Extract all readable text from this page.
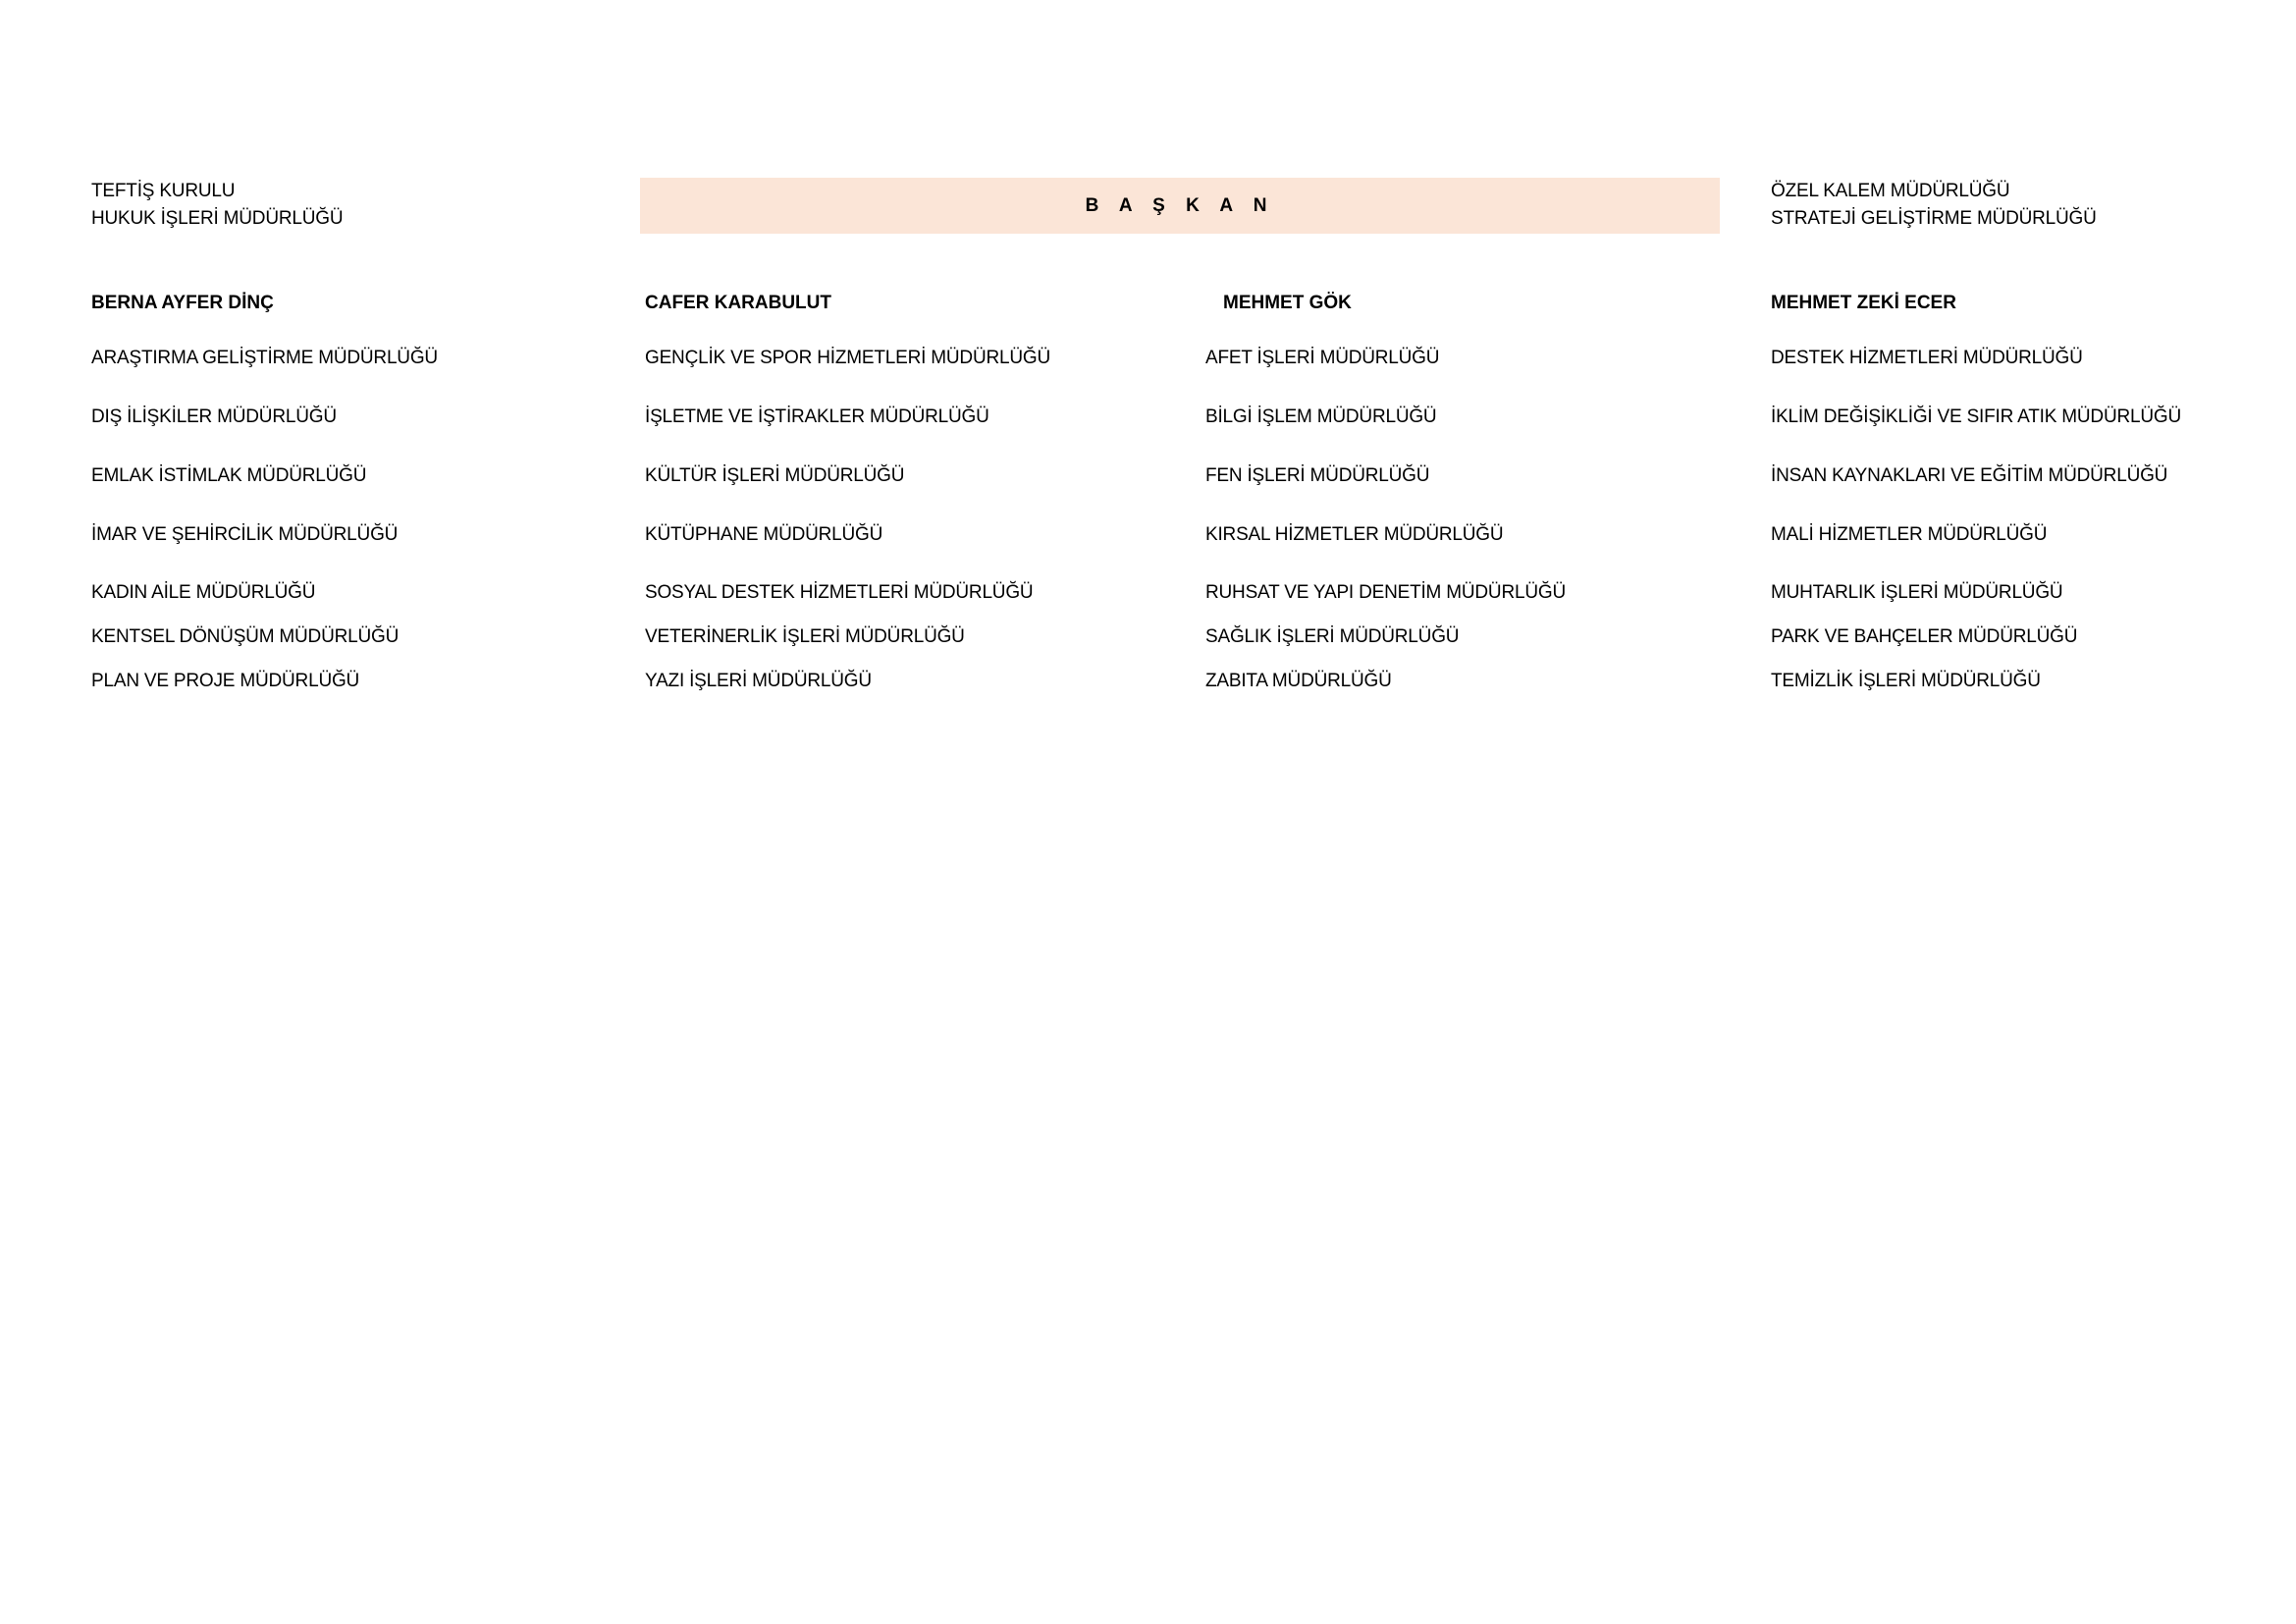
TEFTİŞ KURULU
HUKUK İŞLERİ MÜDÜRLÜĞÜ
B A Ş K A N
ÖZEL KALEM MÜDÜRLÜĞÜ
STRATEJİ GELİŞTİRME MÜDÜRLÜĞÜ
BERNA AYFER DİNÇ
ARAŞTIRMA GELİŞTİRME MÜDÜRLÜĞÜ
DIŞ İLİŞKİLER MÜDÜRLÜĞÜ
EMLAK İSTİMLAK MÜDÜRLÜĞÜ
İMAR VE ŞEHİRCİLİK MÜDÜRLÜĞÜ
KADIN AİLE MÜDÜRLÜĞÜ
KENTSEL DÖNÜŞÜM MÜDÜRLÜĞÜ
PLAN VE PROJE MÜDÜRLÜĞÜ
CAFER KARABULUT
GENÇLİK VE SPOR HİZMETLERİ MÜDÜRLÜĞÜ
İŞLETME VE İŞTİRAKLER MÜDÜRLÜĞÜ
KÜLTÜR İŞLERİ MÜDÜRLÜĞÜ
KÜTÜPHANE MÜDÜRLÜĞÜ
SOSYAL DESTEK HİZMETLERİ MÜDÜRLÜĞÜ
VETERİNERLİK İŞLERİ MÜDÜRLÜĞÜ
YAZI İŞLERİ MÜDÜRLÜĞÜ
MEHMET GÖK
AFET İŞLERİ MÜDÜRLÜĞÜ
BİLGİ İŞLEM MÜDÜRLÜĞÜ
FEN İŞLERİ MÜDÜRLÜĞÜ
KIRSAL HİZMETLER MÜDÜRLÜĞÜ
RUHSAT VE YAPI DENETİM MÜDÜRLÜĞÜ
SAĞLIK İŞLERİ MÜDÜRLÜĞÜ
ZABITA MÜDÜRLÜĞÜ
MEHMET ZEKİ ECER
DESTEK HİZMETLERİ MÜDÜRLÜĞÜ
İKLİM DEĞİŞİKLİĞİ VE SIFIR ATIK MÜDÜRLÜĞÜ
İNSAN KAYNAKLARI VE EĞİTİM MÜDÜRLÜĞÜ
MALİ HİZMETLER MÜDÜRLÜĞÜ
MUHTARLIK İŞLERİ MÜDÜRLÜĞÜ
PARK VE BAHÇELER MÜDÜRLÜĞÜ
TEMİZLİK İŞLERİ MÜDÜRLÜĞÜ
